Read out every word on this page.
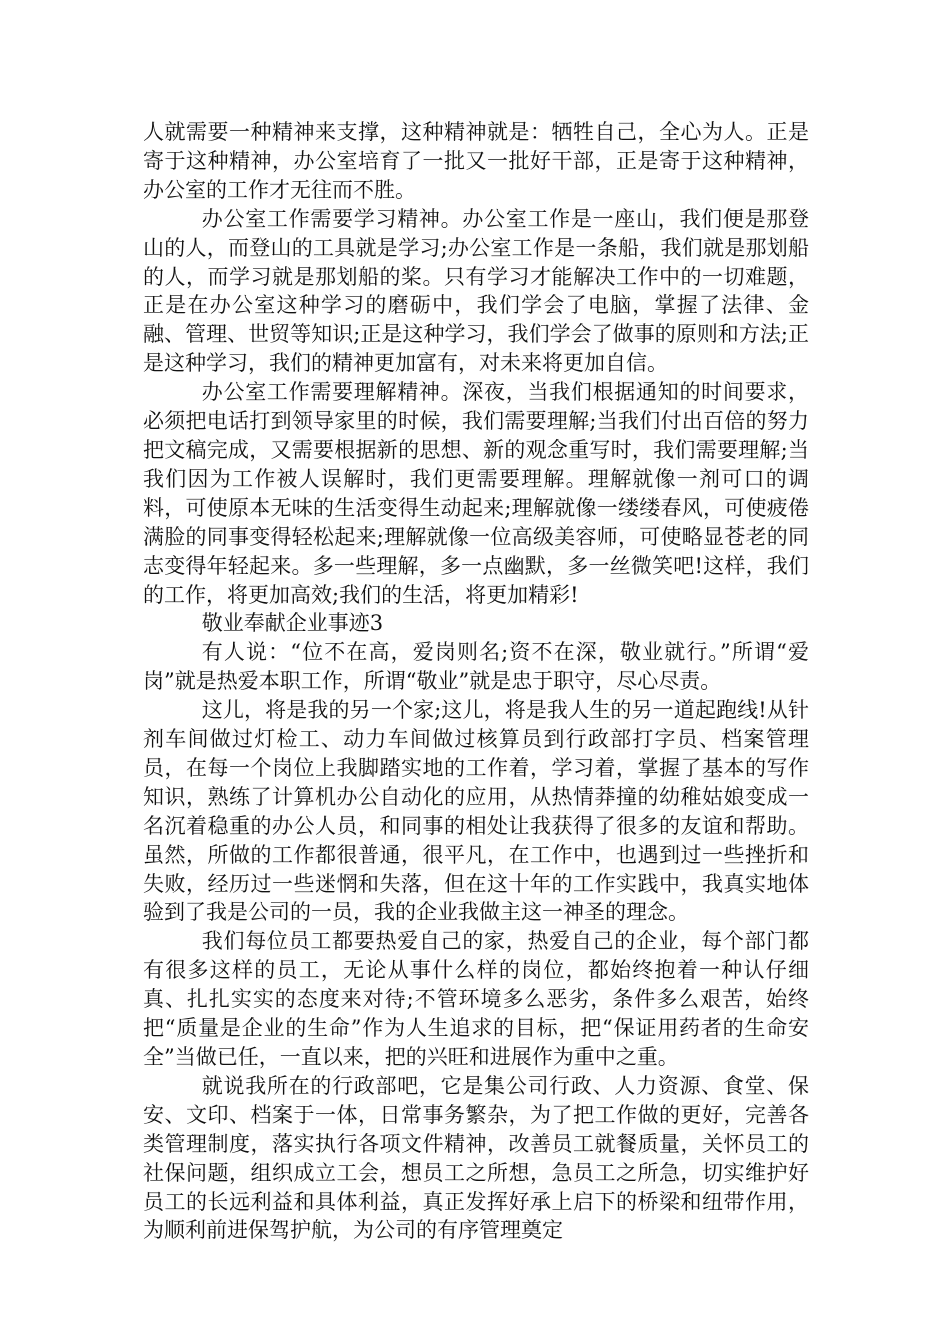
人就需要一种精神来支撑，这种精神就是：牺牲自己，全心为人。正是寄于这种精神，办公室培育了一批又一批好干部，正是寄于这种精神，办公室的工作才无往而不胜。

办公室工作需要学习精神。办公室工作是一座山，我们便是那登山的人，而登山的工具就是学习;办公室工作是一条船，我们就是那划船的人，而学习就是那划船的桨。只有学习才能解决工作中的一切难题，正是在办公室这种学习的磨砺中，我们学会了电脑，掌握了法律、金融、管理、世贸等知识;正是这种学习，我们学会了做事的原则和方法;正是这种学习，我们的精神更加富有，对未来将更加自信。

办公室工作需要理解精神。深夜，当我们根据通知的时间要求，必须把电话打到领导家里的时候，我们需要理解;当我们付出百倍的努力把文稿完成，又需要根据新的思想、新的观念重写时，我们需要理解;当我们因为工作被人误解时，我们更需要理解。理解就像一剂可口的调料，可使原本无味的生活变得生动起来;理解就像一缕缕春风，可使疲倦满脸的同事变得轻松起来;理解就像一位高级美容师，可使略显苍老的同志变得年轻起来。多一些理解，多一点幽默，多一丝微笑吧!这样，我们的工作，将更加高效;我们的生活，将更加精彩!

敬业奉献企业事迹3

有人说：“位不在高，爱岗则名;资不在深，敬业就行。”所谓“爱岗”就是热爱本职工作，所谓“敬业”就是忠于职守，尽心尽责。

这儿，将是我的另一个家;这儿，将是我人生的另一道起跑线!从针剂车间做过灯检工、动力车间做过核算员到行政部打字员、档案管理员，在每一个岗位上我脚踏实地的工作着，学习着，掌握了基本的写作知识，熟练了计算机办公自动化的应用，从热情莽撞的幼稚姑娘变成一名沉着稳重的办公人员，和同事的相处让我获得了很多的友谊和帮助。虽然，所做的工作都很普通，很平凡，在工作中，也遇到过一些挫折和失败，经历过一些迷惘和失落，但在这十年的工作实践中，我真实地体验到了我是公司的一员，我的企业我做主这一神圣的理念。

我们每位员工都要热爱自己的家，热爱自己的企业，每个部门都有很多这样的员工，无论从事什么样的岗位，都始终抱着一种认仔细真、扎扎实实的态度来对待;不管环境多么恶劣，条件多么艰苦，始终把“质量是企业的生命”作为人生追求的目标，把“保证用药者的生命安全”当做已任，一直以来，把的兴旺和进展作为重中之重。

就说我所在的行政部吧，它是集公司行政、人力资源、食堂、保安、文印、档案于一体，日常事务繁杂，为了把工作做的更好，完善各类管理制度，落实执行各项文件精神，改善员工就餐质量，关怀员工的社保问题，组织成立工会，想员工之所想，急员工之所急，切实维护好员工的长远利益和具体利益，真正发挥好承上启下的桥梁和纽带作用，为顺利前进保驾护航，为公司的有序管理奠定
